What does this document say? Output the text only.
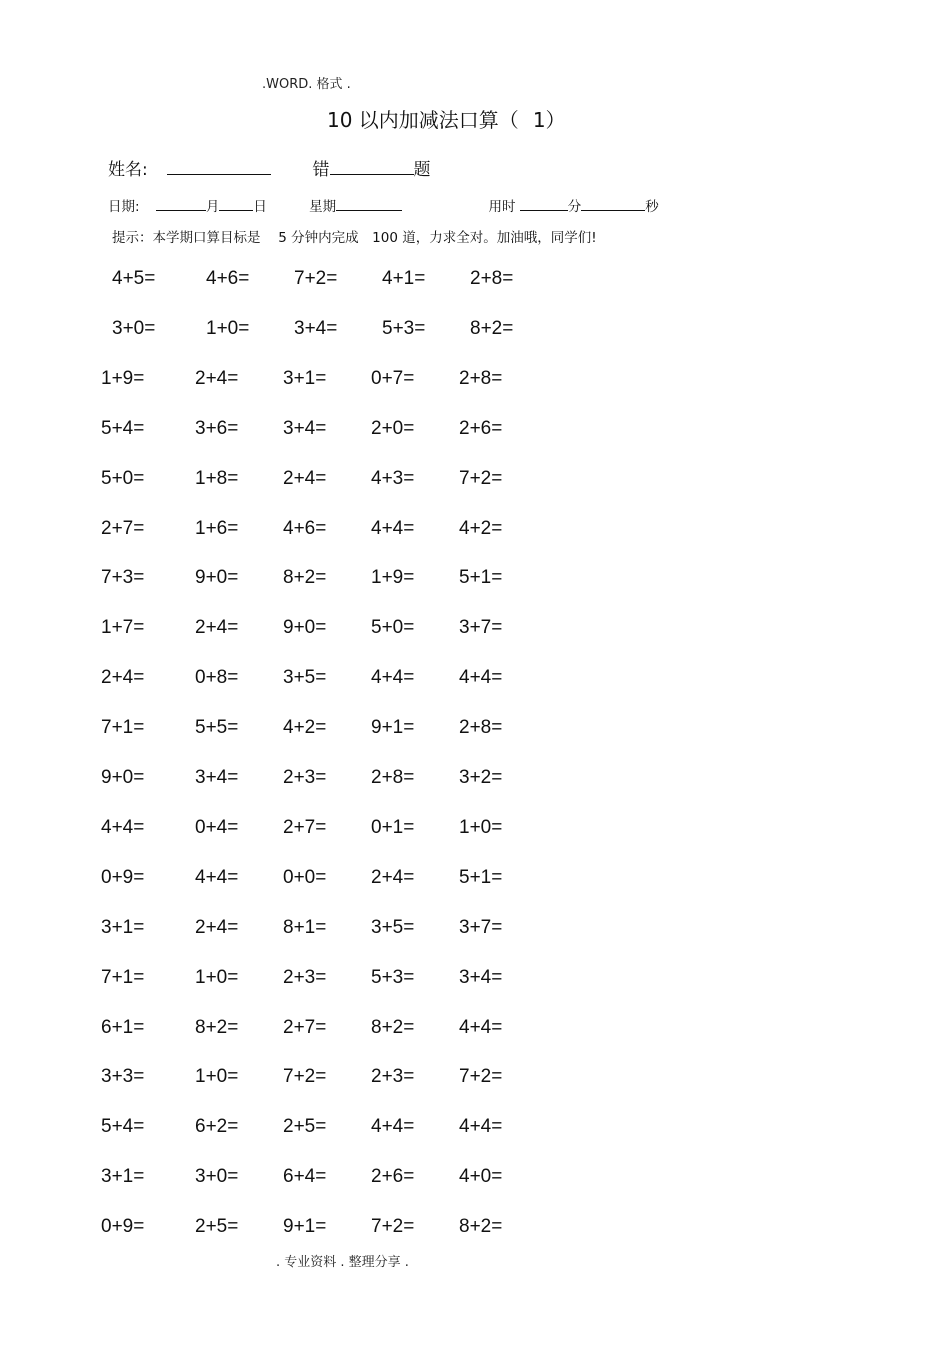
.WORD. 格式 .
10 以内加减法口算（ 1）
姓名:	错	题
日期:	月	日	星期	用时	分	秒
提示：本学期口算目标是　 5 分钟内完成　100 道，力求全对。加油哦，同学们!
4+5=	4+6= 7+2= 4+1= 2+8=
3+0=	1+0= 3+4= 5+3= 8+2=
1+9=	2+4= 3+1= 0+7= 2+8=
5+4=	3+6= 3+4= 2+0= 2+6=
5+0=	1+8= 2+4= 4+3= 7+2=
2+7=	1+6= 4+6= 4+4= 4+2=
7+3=	9+0= 8+2= 1+9= 5+1=
1+7=	2+4= 9+0= 5+0= 3+7=
2+4=	0+8= 3+5= 4+4= 4+4=
7+1=	5+5= 4+2= 9+1= 2+8=
9+0=	3+4= 2+3= 2+8= 3+2=
4+4=	0+4= 2+7= 0+1= 1+0=
0+9=	4+4= 0+0= 2+4= 5+1=
3+1=	2+4= 8+1= 3+5= 3+7=
7+1=	1+0= 2+3= 5+3= 3+4=
6+1=	8+2= 2+7= 8+2= 4+4=
3+3=	1+0= 7+2= 2+3= 7+2=
5+4=	6+2= 2+5= 4+4= 4+4=
3+1=	3+0= 6+4= 2+6= 4+0=
0+9=	2+5= 9+1= 7+2= 8+2=
. 专业资料 . 整理分享 .
